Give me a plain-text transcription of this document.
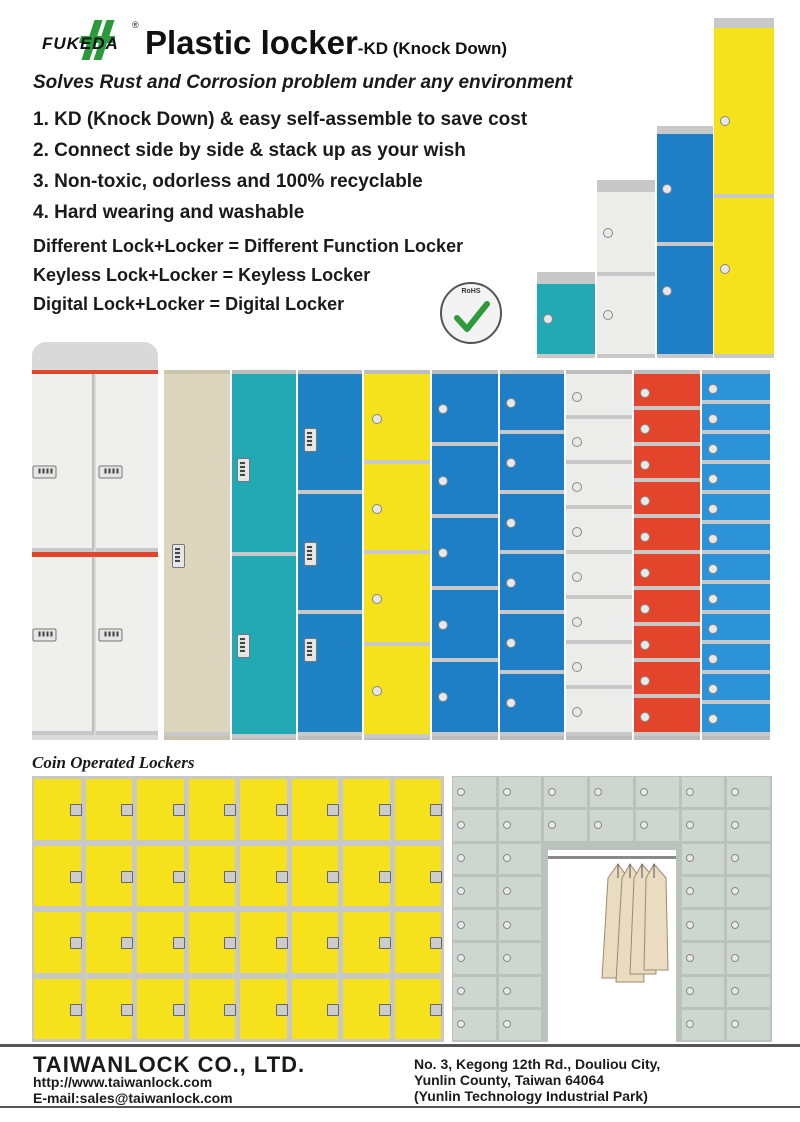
FUKEDA
® Plastic locker-KD (Knock Down)
Solves Rust and Corrosion problem under any environment
1. KD (Knock Down) & easy self-assemble to save cost
2. Connect side by side & stack up as your wish
3. Non-toxic, odorless and 100% recyclable
4. Hard wearing and washable
Different Lock+Locker = Different Function Locker
Keyless Lock+Locker = Keyless Locker
Digital Lock+Locker = Digital Locker
RoHS
Coin Operated Lockers
TAIWANLOCK CO., LTD.
http://www.taiwanlock.com
E-mail:sales@taiwanlock.com
No. 3, Kegong 12th Rd., Douliou City,
Yunlin County, Taiwan 64064
(Yunlin Technology Industrial Park)
